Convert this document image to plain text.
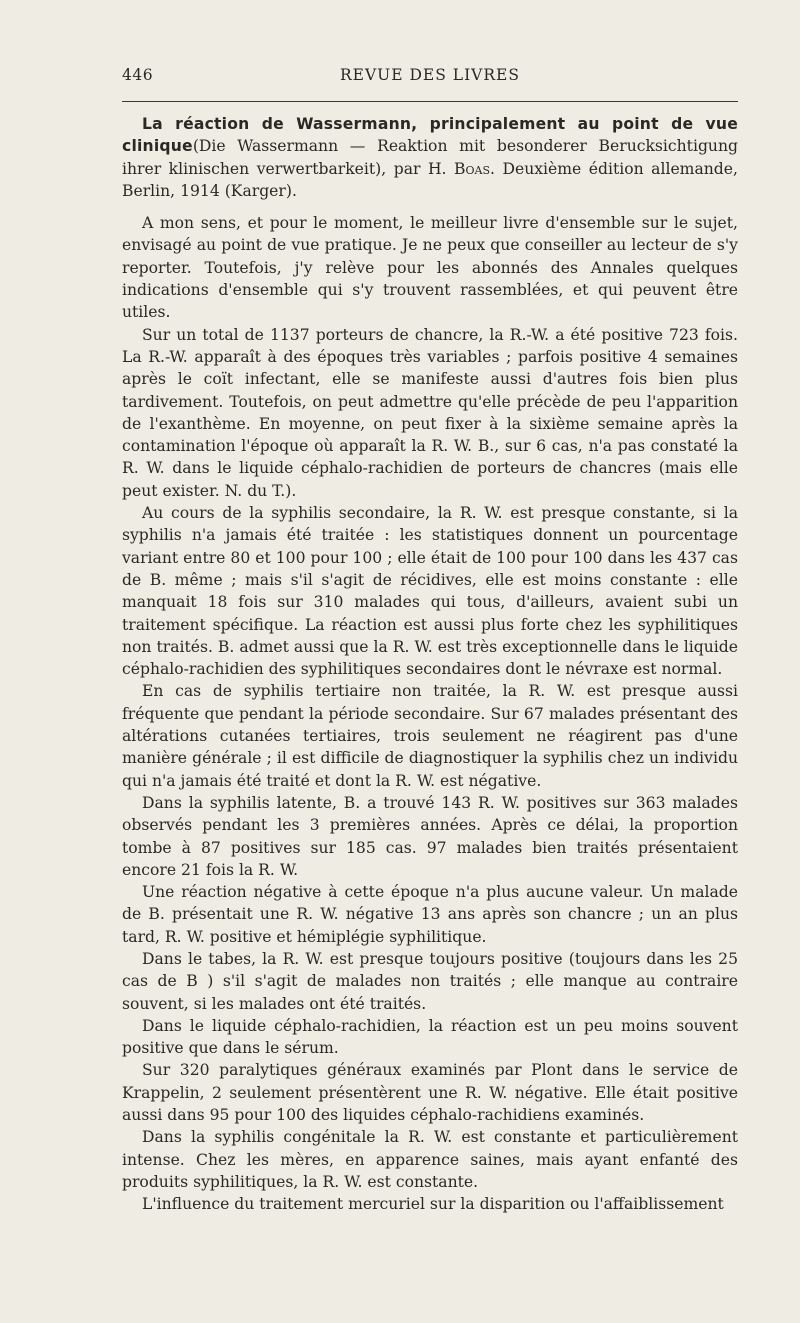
446	REVUE DES LIVRES

La réaction de Wassermann, principalement au point de vue clinique(Die Wassermann — Reaktion mit besonderer Berucksichtigung ihrer klinischen verwertbarkeit), par H. Boas. Deuxième édition allemande, Berlin, 1914 (Karger).

A mon sens, et pour le moment, le meilleur livre d'ensemble sur le sujet, envisagé au point de vue pratique. Je ne peux que conseiller au lecteur de s'y reporter. Toutefois, j'y relève pour les abonnés des Annales quelques indications d'ensemble qui s'y trouvent rassemblées, et qui peuvent être utiles.

Sur un total de 1137 porteurs de chancre, la R.-W. a été positive 723 fois. La R.-W. apparaît à des époques très variables ; parfois positive 4 semaines après le coït infectant, elle se manifeste aussi d'autres fois bien plus tardivement. Toutefois, on peut admettre qu'elle précède de peu l'apparition de l'exanthème. En moyenne, on peut fixer à la sixième semaine après la contamination l'époque où apparaît la R. W. B., sur 6 cas, n'a pas constaté la R. W. dans le liquide céphalo-rachidien de porteurs de chancres (mais elle peut exister. N. du T.).

Au cours de la syphilis secondaire, la R. W. est presque constante, si la syphilis n'a jamais été traitée : les statistiques donnent un pourcentage variant entre 80 et 100 pour 100 ; elle était de 100 pour 100 dans les 437 cas de B. même ; mais s'il s'agit de récidives, elle est moins constante : elle manquait 18 fois sur 310 malades qui tous, d'ailleurs, avaient subi un traitement spécifique. La réaction est aussi plus forte chez les syphilitiques non traités. B. admet aussi que la R. W. est très exceptionnelle dans le liquide céphalo-rachidien des syphilitiques secondaires dont le névraxe est normal.

En cas de syphilis tertiaire non traitée, la R. W. est presque aussi fréquente que pendant la période secondaire. Sur 67 malades présentant des altérations cutanées tertiaires, trois seulement ne réagirent pas d'une manière générale ; il est difficile de diagnostiquer la syphilis chez un individu qui n'a jamais été traité et dont la R. W. est négative.

Dans la syphilis latente, B. a trouvé 143 R. W. positives sur 363 malades observés pendant les 3 premières années. Après ce délai, la proportion tombe à 87 positives sur 185 cas. 97 malades bien traités présentaient encore 21 fois la R. W.

Une réaction négative à cette époque n'a plus aucune valeur. Un malade de B. présentait une R. W. négative 13 ans après son chancre ; un an plus tard, R. W. positive et hémiplégie syphilitique.

Dans le tabes, la R. W. est presque toujours positive (toujours dans les 25 cas de B ) s'il s'agit de malades non traités ; elle manque au contraire souvent, si les malades ont été traités.

Dans le liquide céphalo-rachidien, la réaction est un peu moins souvent positive que dans le sérum.

Sur 320 paralytiques généraux examinés par Plont dans le service de Krappelin, 2 seulement présentèrent une R. W. négative. Elle était positive aussi dans 95 pour 100 des liquides céphalo-rachidiens examinés.

Dans la syphilis congénitale la R. W. est constante et particulièrement intense. Chez les mères, en apparence saines, mais ayant enfanté des produits syphilitiques, la R. W. est constante.

L'influence du traitement mercuriel sur la disparition ou l'affaiblissement
